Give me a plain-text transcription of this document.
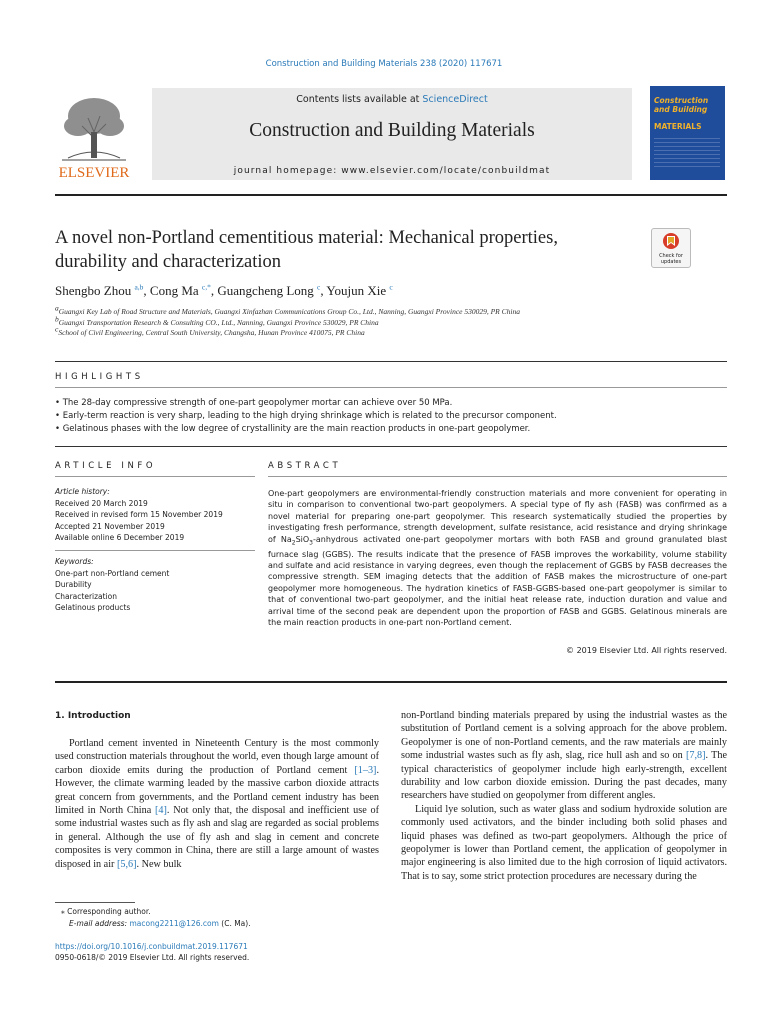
Construction and Building Materials 238 (2020) 117671
ELSEVIER
Contents lists available at ScienceDirect
Construction and Building Materials
journal homepage: www.elsevier.com/locate/conbuildmat
Construction and Building
MATERIALS
A novel non-Portland cementitious material: Mechanical properties, durability and characterization	Check for updates
Shengbo Zhou $^{a,b}$, Cong Ma $^{c,*}$, Guangcheng Long $^c$, Youjun Xie $^c$
$^a$Guangxi Key Lab of Road Structure and Materials, Guangxi Xinfazhan Communications Group Co., Ltd., Nanning, Guangxi Province 530029, PR China
$^b$Guangxi Transportation Research & Consulting CO., Ltd., Nanning, Guangxi Province 530029, PR China
$^c$School of Civil Engineering, Central South University, Changsha, Hunan Province 410075, PR China
HIGHLIGHTS
• The 28-day compressive strength of one-part geopolymer mortar can achieve over 50 MPa.
• Early-term reaction is very sharp, leading to the high drying shrinkage which is related to the precursor component.
• Gelatinous phases with the low degree of crystallinity are the main reaction products in one-part geopolymer.
ARTICLE INFO	ABSTRACT
Article history:
Received 20 March 2019
Received in revised form 15 November 2019
Accepted 21 November 2019
Available online 6 December 2019
Keywords:
One-part non-Portland cement
Durability
Characterization
Gelatinous products
One-part geopolymers are environmental-friendly construction materials and more convenient for operating in situ in comparison to conventional two-part geopolymers. A special type of fly ash (FASB) was confirmed as a novel material for preparing one-part geopolymer. This research systematically studied the properties by investigating fresh performance, strength development, sulfate resistance, acid resistance and drying shrinkage of $Na_2SiO_3$-anhydrous activated one-part geopolymer mortars with both FASB and ground granulated blast furnace slag (GGBS). The results indicate that the presence of FASB improves the workability, volume stability and sulfate and acid resistance in varying degrees, even though the replacement of GGBS by FASB decreases the compressive strength. SEM imaging detects that the addition of FASB makes the microstructure of one-part geopolymer more homogeneous. The hydration kinetics of FASB-GGBS-based one-part geopolymer is similar to that of conventional two-part geopolymer, and the initial heat release rate, induction duration and value and arrival time of the second peak are dependent upon the proportion of FASB and GGBS. Gelatinous minerals are the main reaction products in one-part non-Portland cement.
© 2019 Elsevier Ltd. All rights reserved.
1. Introduction
Portland cement invented in Nineteenth Century is the most commonly used construction materials throughout the world, even though large amount of carbon dioxide emits during the production of Portland cement [1–3]. However, the climate warming leaded by the massive carbon dioxide attracts great concern from governments, and the Portland cement industry has been limited in North China [4]. Not only that, the disposal and inefficient use of some industrial wastes such as fly ash and slag are regarded as social problems in general. Although the use of fly ash and slag in cement and concrete composites is very common in China, there are still a large amount of wastes disposed in air [5,6]. New bulk

non-Portland binding materials prepared by using the industrial wastes as the substitution of Portland cement is a solving approach for the above problem. Geopolymer is one of non-Portland cements, and the raw materials are mainly some industrial wastes such as fly ash, slag, rice hull ash and so on [7,8]. The typical characteristics of geopolymer include high early-strength, excellent durability and low carbon dioxide emission. During the past decades, many researchers have studied on geopolymer from different angles.

Liquid lye solution, such as water glass and sodium hydroxide solution are commonly used activators, and the binder including both solid phases and liquid phases was defined as two-part geopolymers. Although the price of geopolymer is lower than Portland cement, the application of geopolymer in major engineering is also limited due to the high corrosion of liquid activators. That is to say, some strict protection procedures are necessary during the

⁎ Corresponding author.
E-mail address: macong2211@126.com (C. Ma).
https://doi.org/10.1016/j.conbuildmat.2019.117671
0950-0618/© 2019 Elsevier Ltd. All rights reserved.
